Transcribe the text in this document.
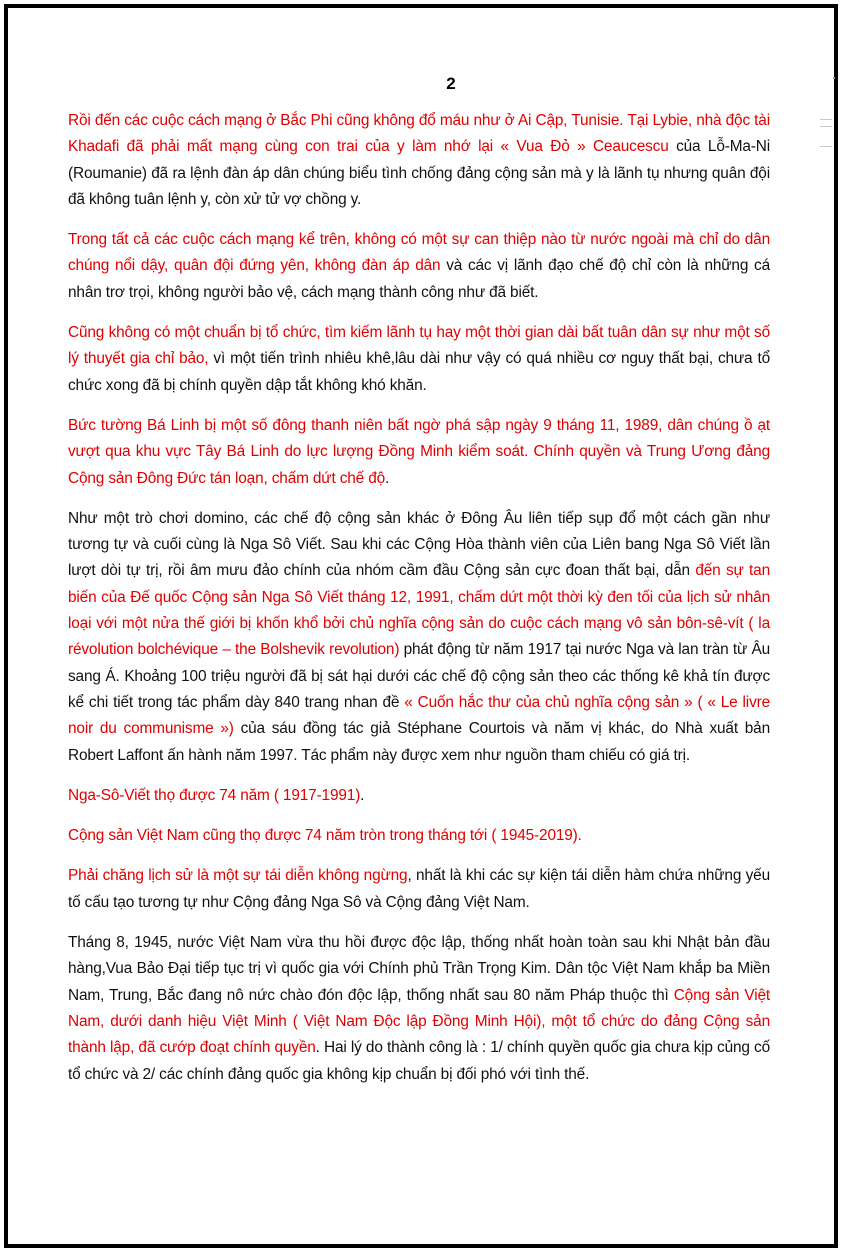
2

Rồi đến các cuộc cách mạng ở Bắc Phi cũng không đổ máu như ở Ai Cập, Tunisie. Tại Lybie, nhà độc tài Khadafi đã phải mất mạng cùng con trai của y làm nhớ lại « Vua Đỏ » Ceaucescu của Lỗ-Ma-Ni (Roumanie) đã ra lệnh đàn áp dân chúng biểu tình chống đảng cộng sản mà y là lãnh tụ nhưng quân đội đã không tuân lệnh y, còn xử tử vợ chồng y.

Trong tất cả các cuộc cách mạng kể trên, không có một sự can thiệp nào từ nước ngoài mà chỉ do dân chúng nổi dậy, quân đội đứng yên, không đàn áp dân và các vị lãnh đạo chế độ chỉ còn là những cá nhân trơ trọi, không người bảo vệ, cách mạng thành công như đã biết.

Cũng không có một chuẩn bị tổ chức, tìm kiếm lãnh tụ hay một thời gian dài bất tuân dân sự như một số lý thuyết gia chỉ bảo, vì một tiến trình nhiêu khê,lâu dài như vậy có quá nhiều cơ nguy thất bại, chưa tổ chức xong đã bị chính quyền dập tắt không khó khăn.

Bức tường Bá Linh bị một số đông thanh niên bất ngờ phá sập ngày 9 tháng 11, 1989, dân chúng ồ ạt vượt qua khu vực Tây Bá Linh do lực lượng Đồng Minh kiểm soát. Chính quyền và Trung Ương đảng Cộng sản Đông Đức tán loạn, chấm dứt chế độ.

Như một trò chơi domino, các chế độ cộng sản khác ở Đông Âu liên tiếp sụp đổ một cách gần như tương tự và cuối cùng là Nga Sô Viết. Sau khi các Cộng Hòa thành viên của Liên bang Nga Sô Viết lần lượt dòi tự trị, rồi âm mưu đảo chính của nhóm cầm đầu Cộng sản cực đoan thất bại, dẫn đến sự tan biến của Đế quốc Cộng sản Nga Sô Viết tháng 12, 1991, chấm dứt một thời kỳ đen tối của lịch sử nhân loại với một nửa thế giới bị khốn khổ bởi chủ nghĩa cộng sản do cuộc cách mạng vô sản bôn-sê-vít ( la révolution bolchévique – the Bolshevik revolution) phát động từ năm 1917 tại nước Nga và lan tràn từ Âu sang Á. Khoảng 100 triệu người đã bị sát hại dưới các chế độ cộng sản theo các thống kê khả tín được kể chi tiết trong tác phẩm dày 840 trang nhan đề « Cuốn hắc thư của chủ nghĩa cộng sản » ( « Le livre noir du communisme ») của sáu đồng tác giả Stéphane Courtois và năm vị khác, do Nhà xuất bản Robert Laffont ấn hành năm 1997. Tác phẩm này được xem như nguồn tham chiếu có giá trị.

Nga-Sô-Viết thọ được 74 năm ( 1917-1991).

Cộng sản Việt Nam cũng thọ được 74 năm tròn trong tháng tới ( 1945-2019).

Phải chăng lịch sử là một sự tái diễn không ngừng, nhất là khi các sự kiện tái diễn hàm chứa những yếu tố cấu tạo tương tự như Cộng đảng Nga Sô và Cộng đảng Việt Nam.

Tháng 8, 1945, nước Việt Nam vừa thu hồi được độc lập, thống nhất hoàn toàn sau khi Nhật bản đầu hàng,Vua Bảo Đại tiếp tục trị vì quốc gia với Chính phủ Trần Trọng Kim. Dân tộc Việt Nam khắp ba Miền Nam, Trung, Bắc đang nô nức chào đón độc lập, thống nhất sau 80 năm Pháp thuộc thì Cộng sản Việt Nam, dưới danh hiệu Việt Minh ( Việt Nam Độc lập Đồng Minh Hội), một tổ chức do đảng Cộng sản thành lập, đã cướp đoạt chính quyền. Hai lý do thành công là : 1/ chính quyền quốc gia chưa kịp củng cố tổ chức và 2/ các chính đảng quốc gia không kịp chuẩn bị đối phó với tình thế.
